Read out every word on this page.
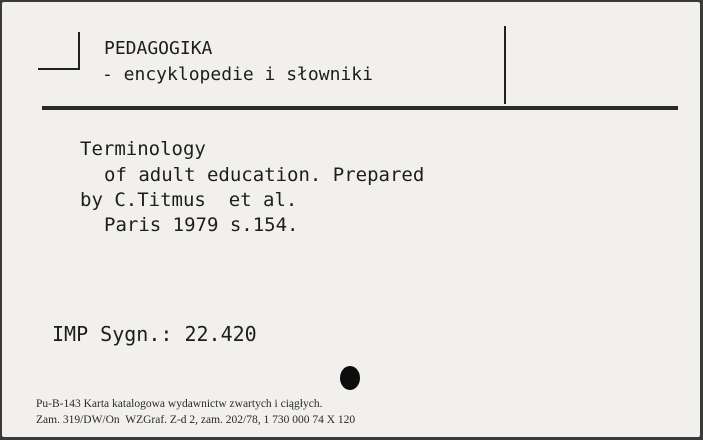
PEDAGOGIKA
- encyklopedie i słowniki
Terminology
of adult education. Prepared
by C.Titmus  et al.
Paris 1979 s.154.
IMP Sygn.: 22.420
Pu-B-143 Karta katalogowa wydawnictw zwartych i ciągłych.
Zam. 319/DW/On  WZGraf. Z-d 2, zam. 202/78, 1 730 000 74 X 120
